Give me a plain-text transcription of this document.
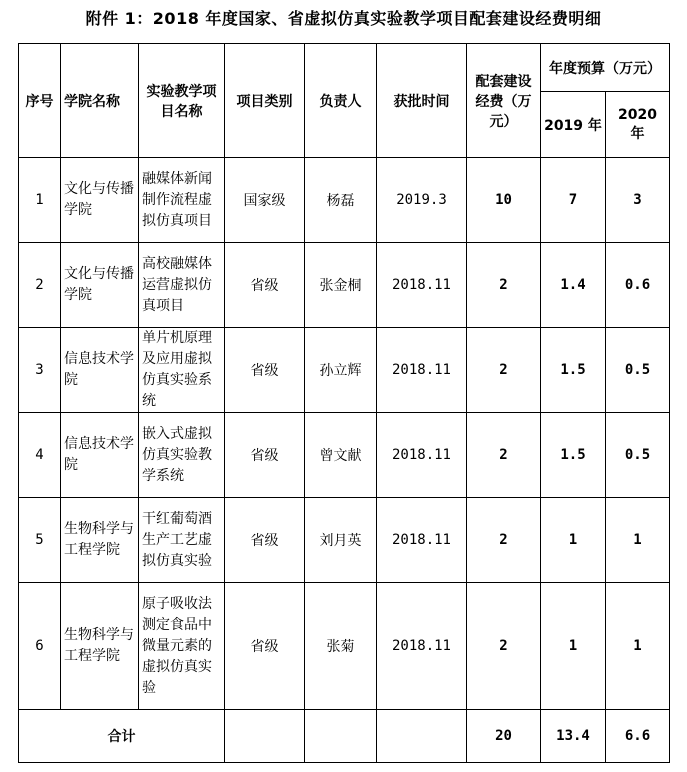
附件 1：2018 年度国家、省虚拟仿真实验教学项目配套建设经费明细
序号	学院名称	实验教学项目名称	项目类别	负责人	获批时间	配套建设经费（万元）	年度预算（万元）	
							2019 年	2020 年
1	文化与传播学院	融媒体新闻制作流程虚拟仿真项目	国家级	杨磊	2019.3	10	7	3
2	文化与传播学院	高校融媒体运营虚拟仿真项目	省级	张金桐	2018.11	2	1.4	0.6
3	信息技术学院	单片机原理及应用虚拟仿真实验系统	省级	孙立辉	2018.11	2	1.5	0.5
4	信息技术学院	嵌入式虚拟仿真实验教学系统	省级	曾文献	2018.11	2	1.5	0.5
5	生物科学与工程学院	干红葡萄酒生产工艺虚拟仿真实验	省级	刘月英	2018.11	2	1	1
6	生物科学与工程学院	原子吸收法测定食品中微量元素的虚拟仿真实验	省级	张菊	2018.11	2	1	1
合计						20	13.4	6.6
